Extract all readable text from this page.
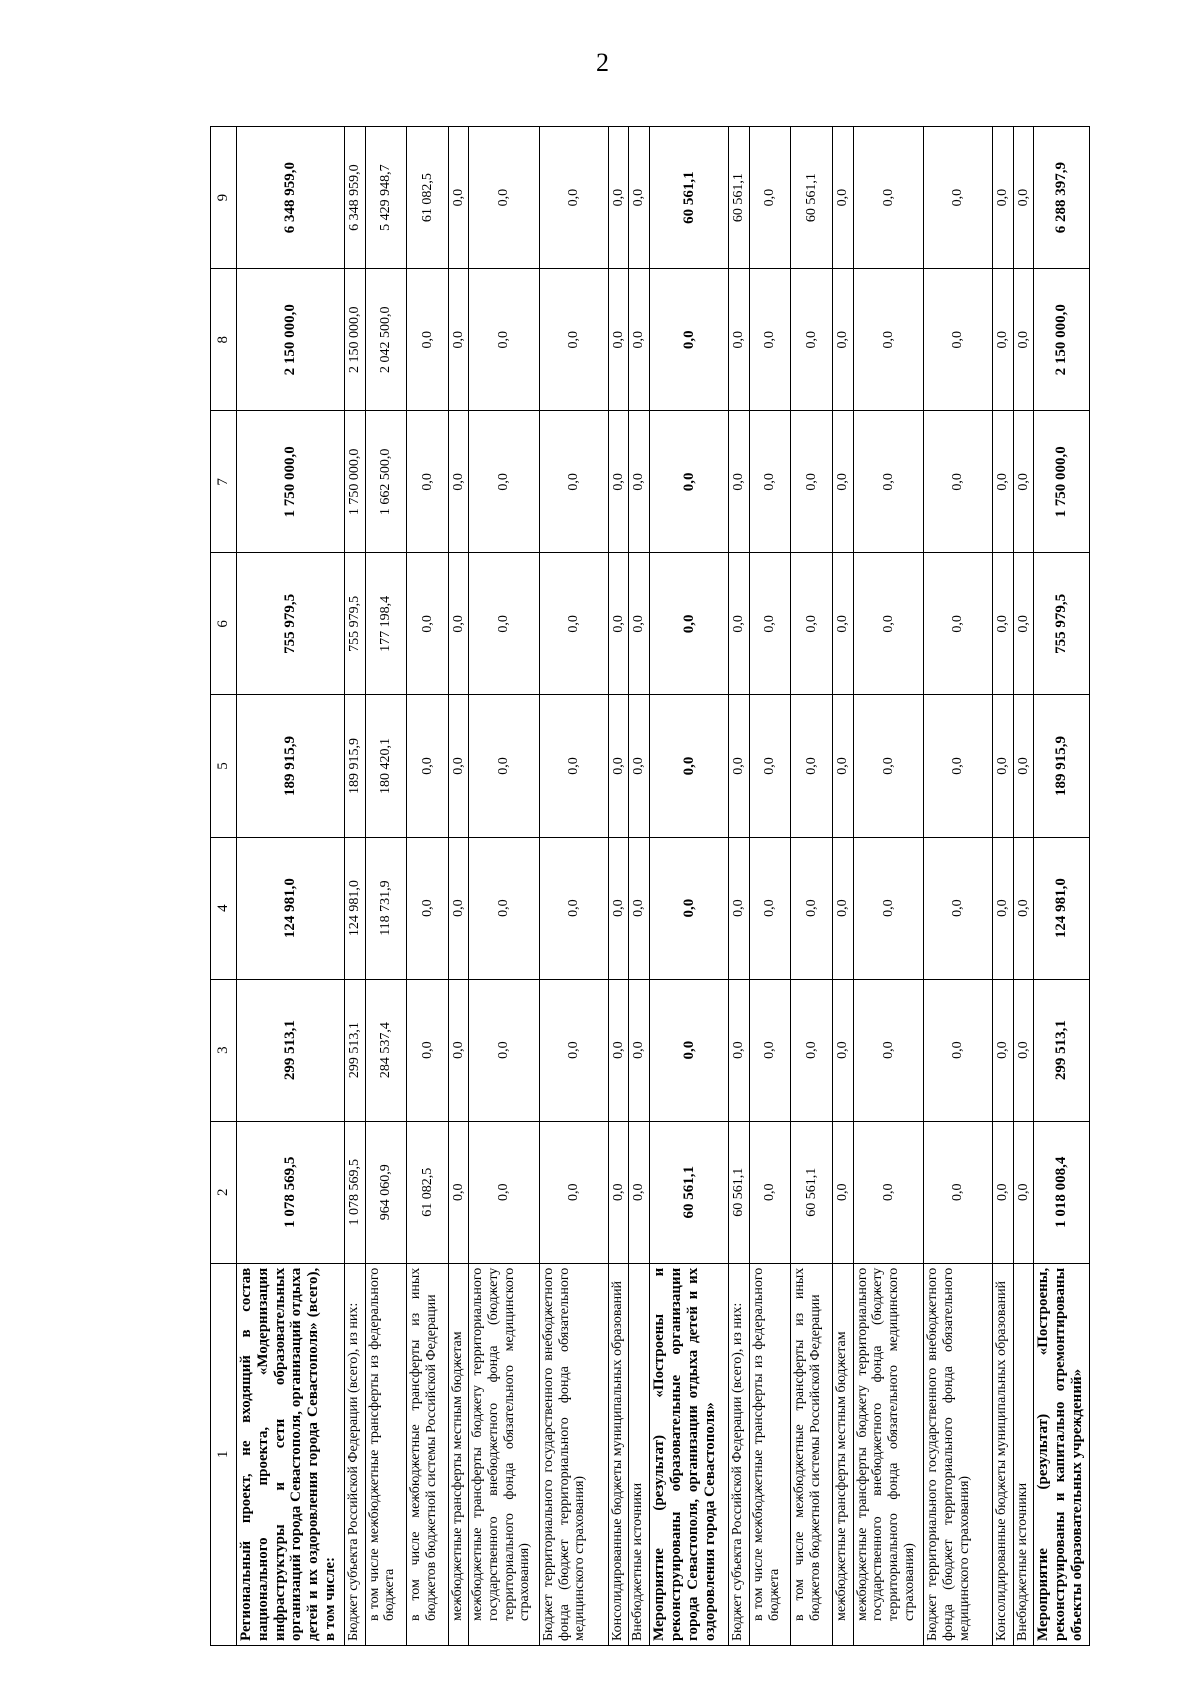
2
1	2	3	4	5	6	7	8	9
Региональный проект, не входящий в состав национального проекта, «Модернизация инфраструктуры и сети образовательных организаций города Севастополя, организаций отдыха детей и их оздоровления города Севастополя» (всего), в том числе:	1 078 569,5	299 513,1	124 981,0	189 915,9	755 979,5	1 750 000,0	2 150 000,0	6 348 959,0
Бюджет субъекта Российской Федерации (всего), из них:	1 078 569,5	299 513,1	124 981,0	189 915,9	755 979,5	1 750 000,0	2 150 000,0	6 348 959,0
в том числе межбюджетные трансферты из федерального бюджета	964 060,9	284 537,4	118 731,9	180 420,1	177 198,4	1 662 500,0	2 042 500,0	5 429 948,7
в том числе межбюджетные трансферты из иных бюджетов бюджетной системы Российской Федерации	61 082,5	0,0	0,0	0,0	0,0	0,0	0,0	61 082,5
межбюджетные трансферты местным бюджетам	0,0	0,0	0,0	0,0	0,0	0,0	0,0	0,0
межбюджетные трансферты бюджету территориального государственного внебюджетного фонда (бюджету территориального фонда обязательного медицинского страхования)	0,0	0,0	0,0	0,0	0,0	0,0	0,0	0,0
Бюджет территориального государственного внебюджетного фонда (бюджет территориального фонда обязательного медицинского страхования)	0,0	0,0	0,0	0,0	0,0	0,0	0,0	0,0
Консолидированные бюджеты муниципальных образований	0,0	0,0	0,0	0,0	0,0	0,0	0,0	0,0
Внебюджетные источники	0,0	0,0	0,0	0,0	0,0	0,0	0,0	0,0
Мероприятие (результат) «Построены и реконструированы образовательные организации города Севастополя, организации отдыха детей и их оздоровления города Севастополя»	60 561,1	0,0	0,0	0,0	0,0	0,0	0,0	60 561,1
Бюджет субъекта Российской Федерации (всего), из них:	60 561,1	0,0	0,0	0,0	0,0	0,0	0,0	60 561,1
в том числе межбюджетные трансферты из федерального бюджета	0,0	0,0	0,0	0,0	0,0	0,0	0,0	0,0
в том числе межбюджетные трансферты из иных бюджетов бюджетной системы Российской Федерации	60 561,1	0,0	0,0	0,0	0,0	0,0	0,0	60 561,1
межбюджетные трансферты местным бюджетам	0,0	0,0	0,0	0,0	0,0	0,0	0,0	0,0
межбюджетные трансферты бюджету территориального государственного внебюджетного фонда (бюджету территориального фонда обязательного медицинского страхования)	0,0	0,0	0,0	0,0	0,0	0,0	0,0	0,0
Бюджет территориального государственного внебюджетного фонда (бюджет территориального фонда обязательного медицинского страхования)	0,0	0,0	0,0	0,0	0,0	0,0	0,0	0,0
Консолидированные бюджеты муниципальных образований	0,0	0,0	0,0	0,0	0,0	0,0	0,0	0,0
Внебюджетные источники	0,0	0,0	0,0	0,0	0,0	0,0	0,0	0,0
Мероприятие (результат) «Построены, реконструированы и капитально отремонтированы объекты образовательных учреждений»	1 018 008,4	299 513,1	124 981,0	189 915,9	755 979,5	1 750 000,0	2 150 000,0	6 288 397,9
